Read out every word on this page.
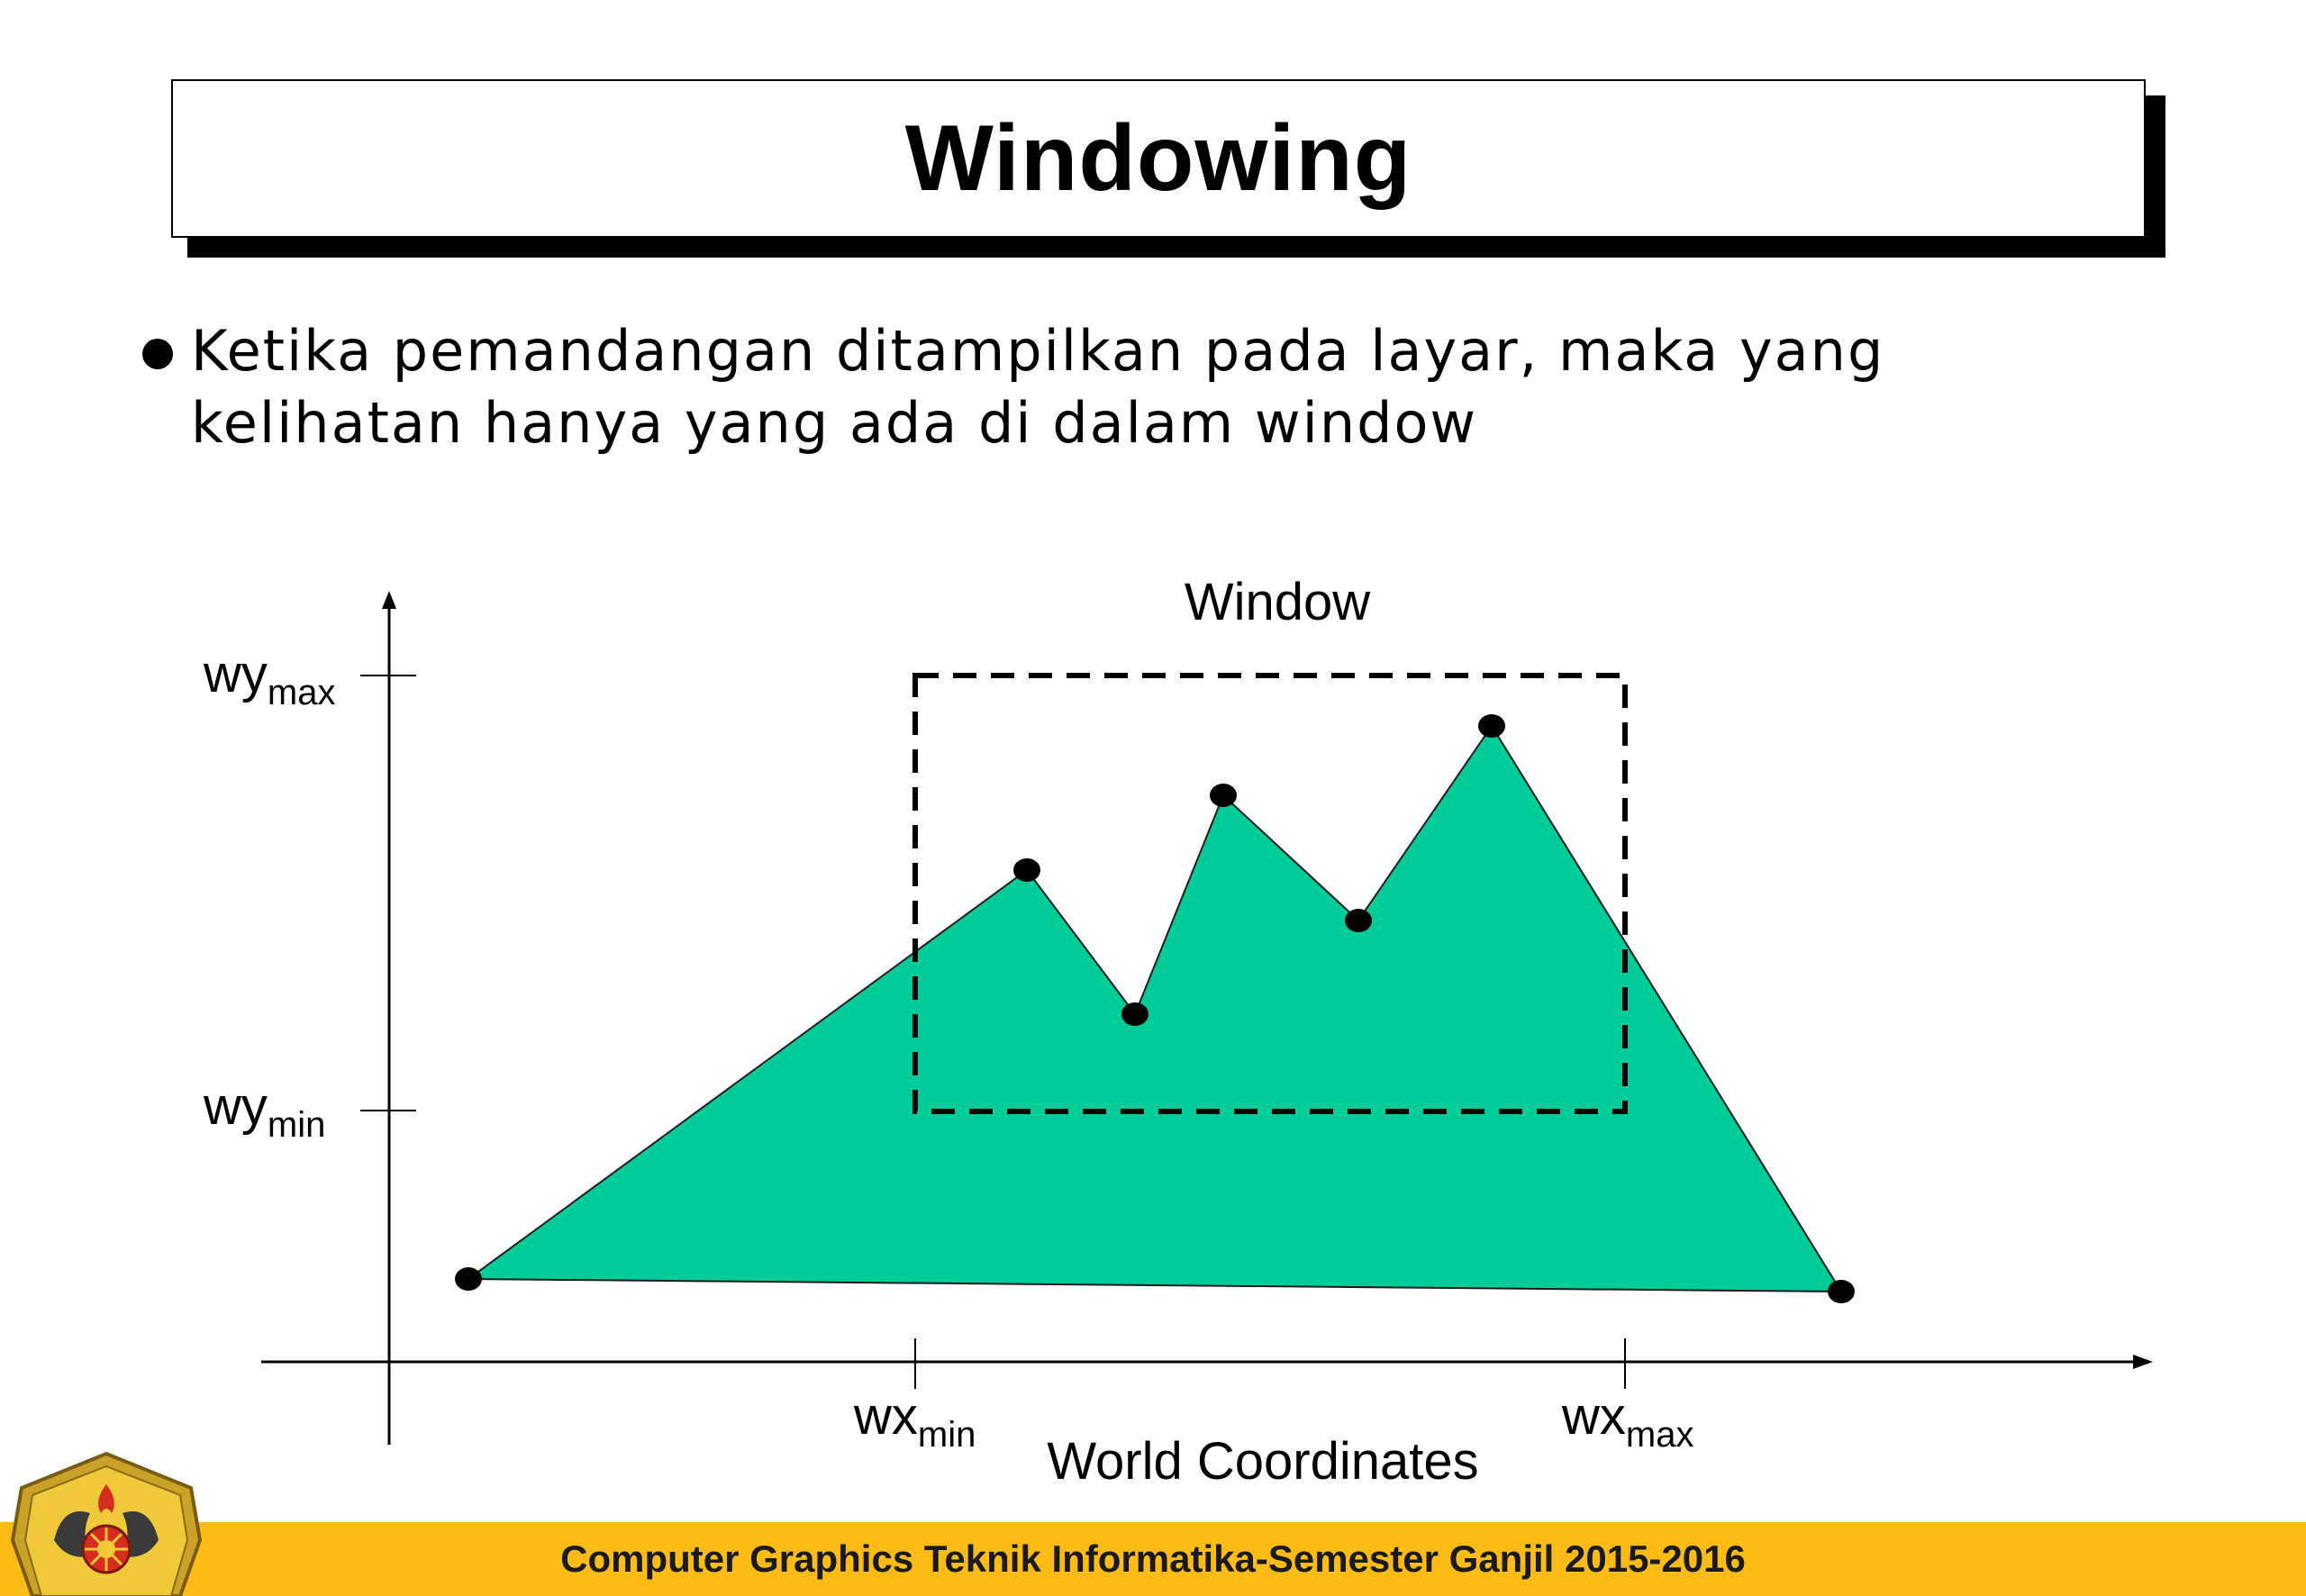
Windowing
Ketika pemandangan ditampilkan pada layar, maka yang
kelihatan hanya yang ada di dalam window
Window
$wy_{max}$
$wy_{min}$
$wx_{min}$	$wx_{max}$
World Coordinates
Computer Graphics Teknik Informatika-Semester Ganjil 2015-2016
